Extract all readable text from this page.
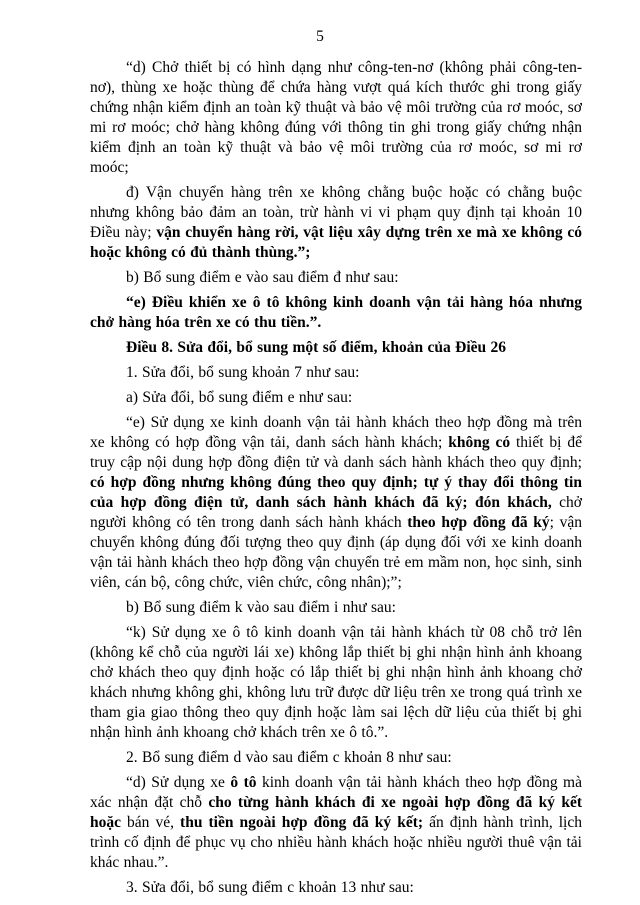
5

“d) Chở thiết bị có hình dạng như công-ten-nơ (không phải công-ten-nơ), thùng xe hoặc thùng để chứa hàng vượt quá kích thước ghi trong giấy chứng nhận kiểm định an toàn kỹ thuật và bảo vệ môi trường của rơ moóc, sơ mi rơ moóc; chở hàng không đúng với thông tin ghi trong giấy chứng nhận kiểm định an toàn kỹ thuật và bảo vệ môi trường của rơ moóc, sơ mi rơ moóc;

đ) Vận chuyển hàng trên xe không chằng buộc hoặc có chằng buộc nhưng không bảo đảm an toàn, trừ hành vi vi phạm quy định tại khoản 10 Điều này; vận chuyển hàng rời, vật liệu xây dựng trên xe mà xe không có hoặc không có đủ thành thùng.”;

b) Bổ sung điểm e vào sau điểm đ như sau:

“e) Điều khiển xe ô tô không kinh doanh vận tải hàng hóa nhưng chở hàng hóa trên xe có thu tiền.”.

Điều 8. Sửa đổi, bổ sung một số điểm, khoản của Điều 26

1. Sửa đổi, bổ sung khoản 7 như sau:

a) Sửa đổi, bổ sung điểm e như sau:

“e) Sử dụng xe kinh doanh vận tải hành khách theo hợp đồng mà trên xe không có hợp đồng vận tải, danh sách hành khách; không có thiết bị để truy cập nội dung hợp đồng điện tử và danh sách hành khách theo quy định; có hợp đồng nhưng không đúng theo quy định; tự ý thay đổi thông tin của hợp đồng điện tử, danh sách hành khách đã ký; đón khách, chở người không có tên trong danh sách hành khách theo hợp đồng đã ký; vận chuyển không đúng đối tượng theo quy định (áp dụng đối với xe kinh doanh vận tải hành khách theo hợp đồng vận chuyển trẻ em mầm non, học sinh, sinh viên, cán bộ, công chức, viên chức, công nhân);”;

b) Bổ sung điểm k vào sau điểm i như sau:

“k) Sử dụng xe ô tô kinh doanh vận tải hành khách từ 08 chỗ trở lên (không kể chỗ của người lái xe) không lắp thiết bị ghi nhận hình ảnh khoang chở khách theo quy định hoặc có lắp thiết bị ghi nhận hình ảnh khoang chở khách nhưng không ghi, không lưu trữ được dữ liệu trên xe trong quá trình xe tham gia giao thông theo quy định hoặc làm sai lệch dữ liệu của thiết bị ghi nhận hình ảnh khoang chở khách trên xe ô tô.”.

2. Bổ sung điểm d vào sau điểm c khoản 8 như sau:

“d) Sử dụng xe ô tô kinh doanh vận tải hành khách theo hợp đồng mà xác nhận đặt chỗ cho từng hành khách đi xe ngoài hợp đồng đã ký kết hoặc bán vé, thu tiền ngoài hợp đồng đã ký kết; ấn định hành trình, lịch trình cố định để phục vụ cho nhiều hành khách hoặc nhiều người thuê vận tải khác nhau.”.

3. Sửa đổi, bổ sung điểm c khoản 13 như sau:
